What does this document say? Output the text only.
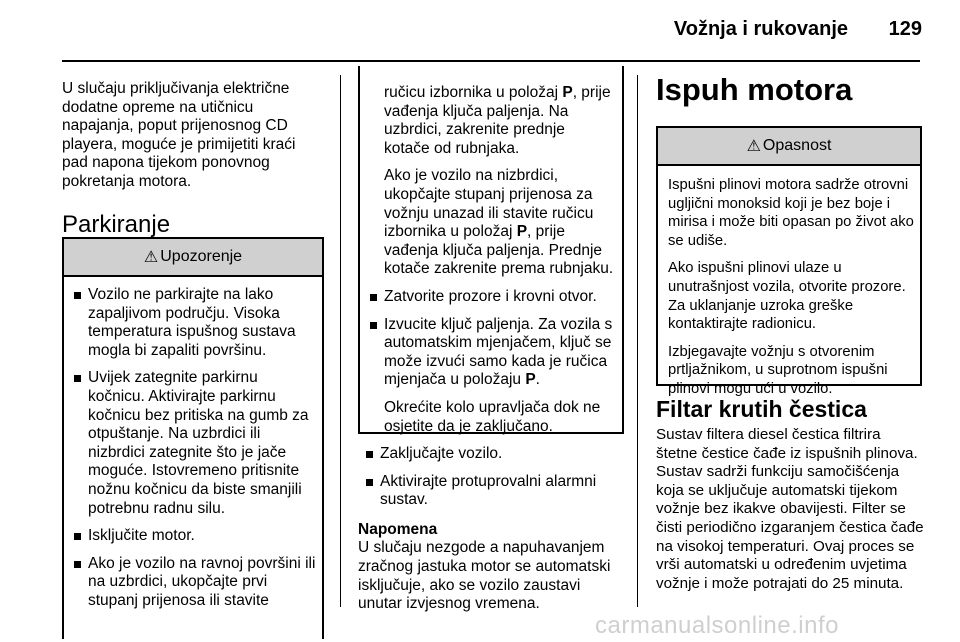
Vožnja i rukovanje 129

U slučaju priključivanja električne dodatne opreme na utičnicu napajanja, poput prijenosnog CD playera, moguće je primijetiti kraći pad napona tijekom ponovnog pokretanja motora.

Parkiranje
⚠ Upozorenje
Vozilo ne parkirajte na lako zapaljivom području. Visoka temperatura ispušnog sustava mogla bi zapaliti površinu.
Uvijek zategnite parkirnu kočnicu. Aktivirajte parkirnu kočnicu bez pritiska na gumb za otpuštanje. Na uzbrdici ili nizbrdici zategnite što je jače moguće. Istovremeno pritisnite nožnu kočnicu da biste smanjili potrebnu radnu silu.
Isključite motor.
Ako je vozilo na ravnoj površini ili na uzbrdici, ukopčajte prvi stupanj prijenosa ili stavite

ručicu izbornika u položaj P, prije vađenja ključa paljenja. Na uzbrdici, zakrenite prednje kotače od rubnjaka.

Ako je vozilo na nizbrdici, ukopčajte stupanj prijenosa za vožnju unazad ili stavite ručicu izbornika u položaj P, prije vađenja ključa paljenja. Prednje kotače zakrenite prema rubnjaku.

Zatvorite prozore i krovni otvor.
Izvucite ključ paljenja. Za vozila s automatskim mjenjačem, ključ se može izvući samo kada je ručica mjenjača u položaju P.

Okrećite kolo upravljača dok ne osjetite da je zaključano.

Zaključajte vozilo.
Aktivirajte protuprovalni alarmni sustav.

Napomena

U slučaju nezgode a napuhavanjem zračnog jastuka motor se automatski isključuje, ako se vozilo zaustavi unutar izvjesnog vremena.

Ispuh motora
⚠ Opasnost

Ispušni plinovi motora sadrže otrovni ugljični monoksid koji je bez boje i mirisa i može biti opasan po život ako se udiše.

Ako ispušni plinovi ulaze u unutrašnjost vozila, otvorite prozore. Za uklanjanje uzroka greške kontaktirajte radionicu.

Izbjegavajte vožnju s otvorenim prtljažnikom, u suprotnom ispušni plinovi mogu ući u vozilo.

Filtar krutih čestica

Sustav filtera diesel čestica filtrira štetne čestice čađe iz ispušnih plinova. Sustav sadrži funkciju samočišćenja koja se uključuje automatski tijekom vožnje bez ikakve obavijesti. Filter se čisti periodično izgaranjem čestica čađe na visokoj temperaturi. Ovaj proces se vrši automatski u određenim uvjetima vožnje i može potrajati do 25 minuta.

carmanualsonline.info
